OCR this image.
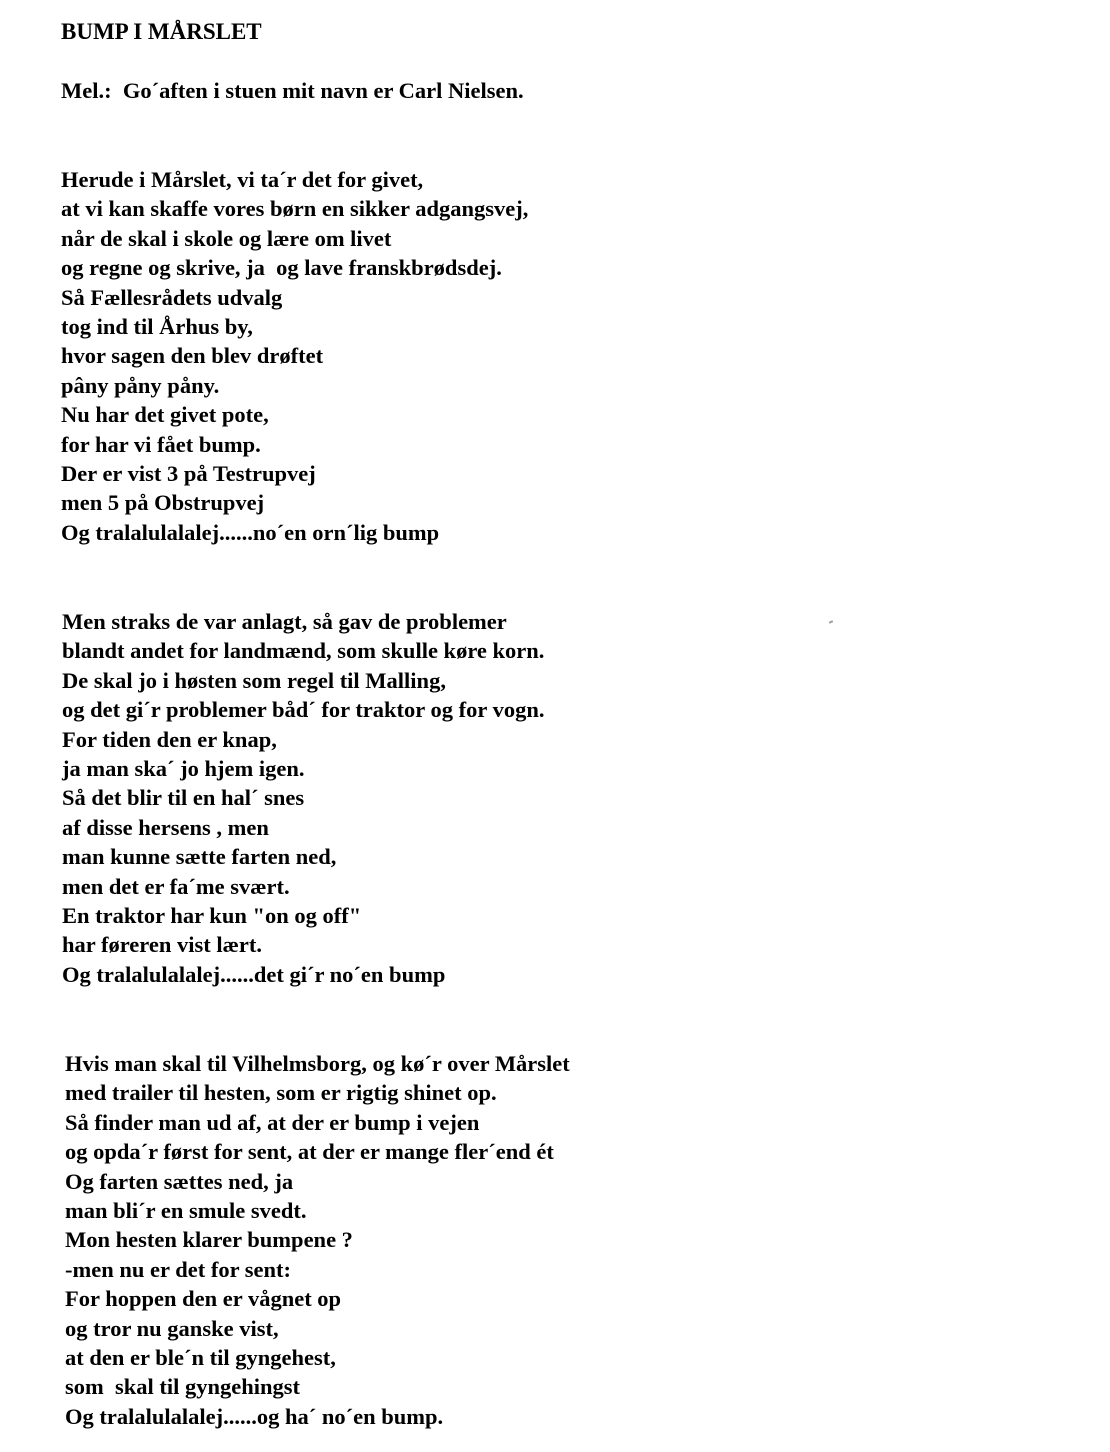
BUMP I MÅRSLET
Mel.:  Go´aften i stuen mit navn er Carl Nielsen.
Herude i Mårslet, vi ta´r det for givet,
at vi kan skaffe vores børn en sikker adgangsvej,
når de skal i skole og lære om livet
og regne og skrive, ja  og lave franskbrødsdej.
Så Fællesrådets udvalg
tog ind til Århus by,
hvor sagen den blev drøftet
pâny påny påny.
Nu har det givet pote,
for har vi fået bump.
Der er vist 3 på Testrupvej
men 5 på Obstrupvej
Og tralalulalalej......no´en orn´lig bump
Men straks de var anlagt, så gav de problemer
blandt andet for landmænd, som skulle køre korn.
De skal jo i høsten som regel til Malling,
og det gi´r problemer båd´ for traktor og for vogn.
For tiden den er knap,
ja man ska´ jo hjem igen.
Så det blir til en hal´ snes
af disse hersens , men
man kunne sætte farten ned,
men det er fa´me svært.
En traktor har kun "on og off"
har føreren vist lært.
Og tralalulalalej......det gi´r no´en bump
Hvis man skal til Vilhelmsborg, og kø´r over Mårslet
med trailer til hesten, som er rigtig shinet op.
Så finder man ud af, at der er bump i vejen
og opda´r først for sent, at der er mange fler´end ét
Og farten sættes ned, ja
man bli´r en smule svedt.
Mon hesten klarer bumpene ?
-men nu er det for sent:
For hoppen den er vågnet op
og tror nu ganske vist,
at den er ble´n til gyngehest,
som  skal til gyngehingst
Og tralalulalalej......og ha´ no´en bump.
